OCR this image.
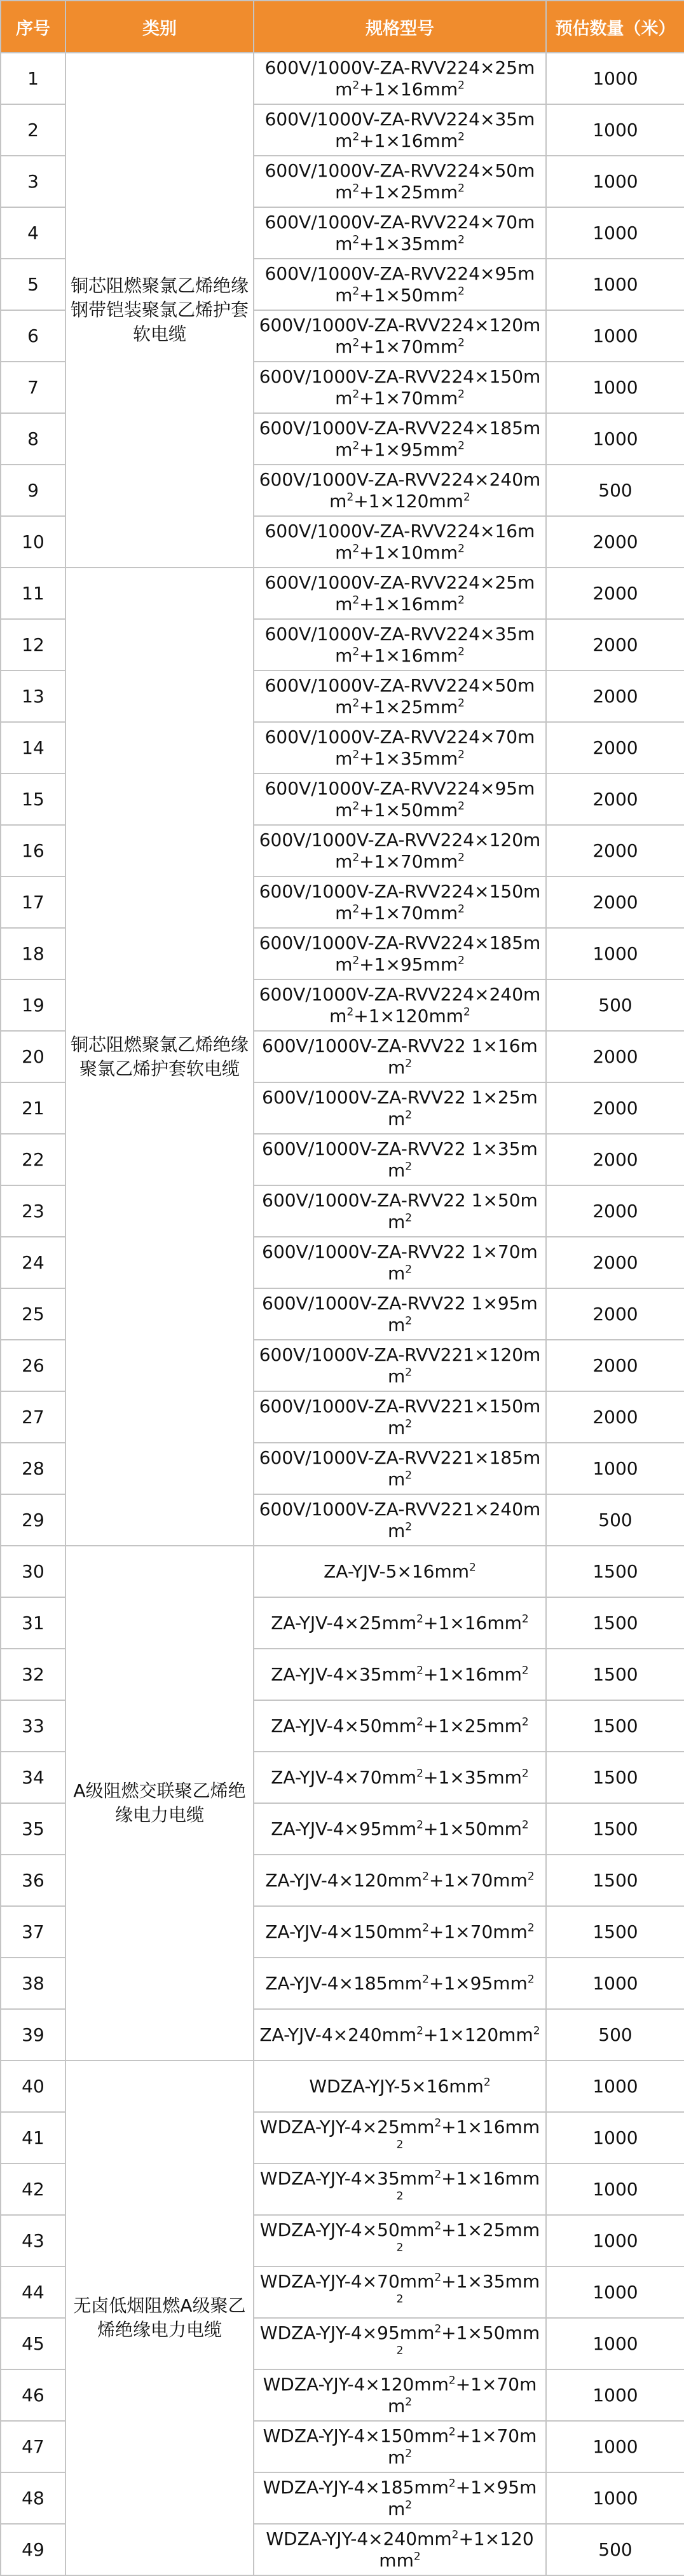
序号	类别	规格型号	预估数量（米）
1	铜芯阻燃聚氯乙烯绝缘钢带铠装聚氯乙烯护套软电缆	$600V/1000V-ZA-RVV224\times 25mm^2+1\times 16mm^2$	1000
2		$600V/1000V-ZA-RVV224\times 35mm^2+1\times 16mm^2$	1000
3		$600V/1000V-ZA-RVV224\times 50mm^2+1\times 25mm^2$	1000
4		$600V/1000V-ZA-RVV224\times 70mm^2+1\times 35mm^2$	1000
5		$600V/1000V-ZA-RVV224\times 95mm^2+1\times 50mm^2$	1000
6		$600V/1000V-ZA-RVV224\times 120mm^2+1\times 70mm^2$	1000
7		$600V/1000V-ZA-RVV224\times 150mm^2+1\times 70mm^2$	1000
8		$600V/1000V-ZA-RVV224\times 185mm^2+1\times 95mm^2$	1000
9		$600V/1000V-ZA-RVV224\times 240mm^2+1\times 120mm^2$	500
10		$600V/1000V-ZA-RVV224\times 16mm^2+1\times 10mm^2$	2000
11	铜芯阻燃聚氯乙烯绝缘聚氯乙烯护套软电缆	$600V/1000V-ZA-RVV224\times 25mm^2+1\times 16mm^2$	2000
12		$600V/1000V-ZA-RVV224\times 35mm^2+1\times 16mm^2$	2000
13		$600V/1000V-ZA-RVV224\times 50mm^2+1\times 25mm^2$	2000
14		$600V/1000V-ZA-RVV224\times 70mm^2+1\times 35mm^2$	2000
15		$600V/1000V-ZA-RVV224\times 95mm^2+1\times 50mm^2$	2000
16		$600V/1000V-ZA-RVV224\times 120mm^2+1\times 70mm^2$	2000
17		$600V/1000V-ZA-RVV224\times 150mm^2+1\times 70mm^2$	2000
18		$600V/1000V-ZA-RVV224\times 185mm^2+1\times 95mm^2$	1000
19		$600V/1000V-ZA-RVV224\times 240mm^2+1\times 120mm^2$	500
20		600V/1000V-ZA-RVV22 $1\times 16mm^2$	2000
21		600V/1000V-ZA-RVV22 $1\times 25mm^2$	2000
22		600V/1000V-ZA-RVV22 $1\times 35mm^2$	2000
23		600V/1000V-ZA-RVV22 $1\times 50mm^2$	2000
24		600V/1000V-ZA-RVV22 $1\times 70mm^2$	2000
25		600V/1000V-ZA-RVV22 $1\times 95mm^2$	2000
26		$600V/1000V-ZA-RVV221\times 120mm^2$	2000
27		$600V/1000V-ZA-RVV221\times 150mm^2$	2000
28		$600V/1000V-ZA-RVV221\times 185mm^2$	1000
29		$600V/1000V-ZA-RVV221\times 240mm^2$	500
30	A级阻燃交联聚乙烯绝缘电力电缆	$ZA-YJV-5\times 16mm^2$	1500
31		$ZA-YJV-4\times 25mm^2+1\times 16mm^2$	1500
32		$ZA-YJV-4\times 35mm^2+1\times 16mm^2$	1500
33		$ZA-YJV-4\times 50mm^2+1\times 25mm^2$	1500
34		$ZA-YJV-4\times 70mm^2+1\times 35mm^2$	1500
35		$ZA-YJV-4\times 95mm^2+1\times 50mm^2$	1500
36		$ZA-YJV-4\times 120mm^2+1\times 70mm^2$	1500
37		$ZA-YJV-4\times 150mm^2+1\times 70mm^2$	1500
38		$ZA-YJV-4\times 185mm^2+1\times 95mm^2$	1000
39		$ZA-YJV-4\times 240mm^2+1\times 120mm^2$	500
40	无卤低烟阻燃A级聚乙烯绝缘电力电缆	WDZA-$YJY-5\times 16mm^2$	1000
41		WDZA-$YJY-4\times 25mm^2+1\times 16mm^2$	1000
42		WDZA-$YJY-4\times 35mm^2+1\times 16mm^2$	1000
43		WDZA-$YJY-4\times 50mm^2+1\times 25mm^2$	1000
44		WDZA-$YJY-4\times 70mm^2+1\times 35mm^2$	1000
45		WDZA-$YJY-4\times 95mm^2+1\times 50mm^2$	1000
46		WDZA-$YJY-4\times 120mm^2+1\times 70mm^2$	1000
47		WDZA-$YJY-4\times 150mm^2+1\times 70mm^2$	1000
48		WDZA-$YJY-4\times 185mm^2+1\times 95mm^2$	1000
49		WDZA-$YJY-4\times 240mm^2+1\times 120mm^2$	500
